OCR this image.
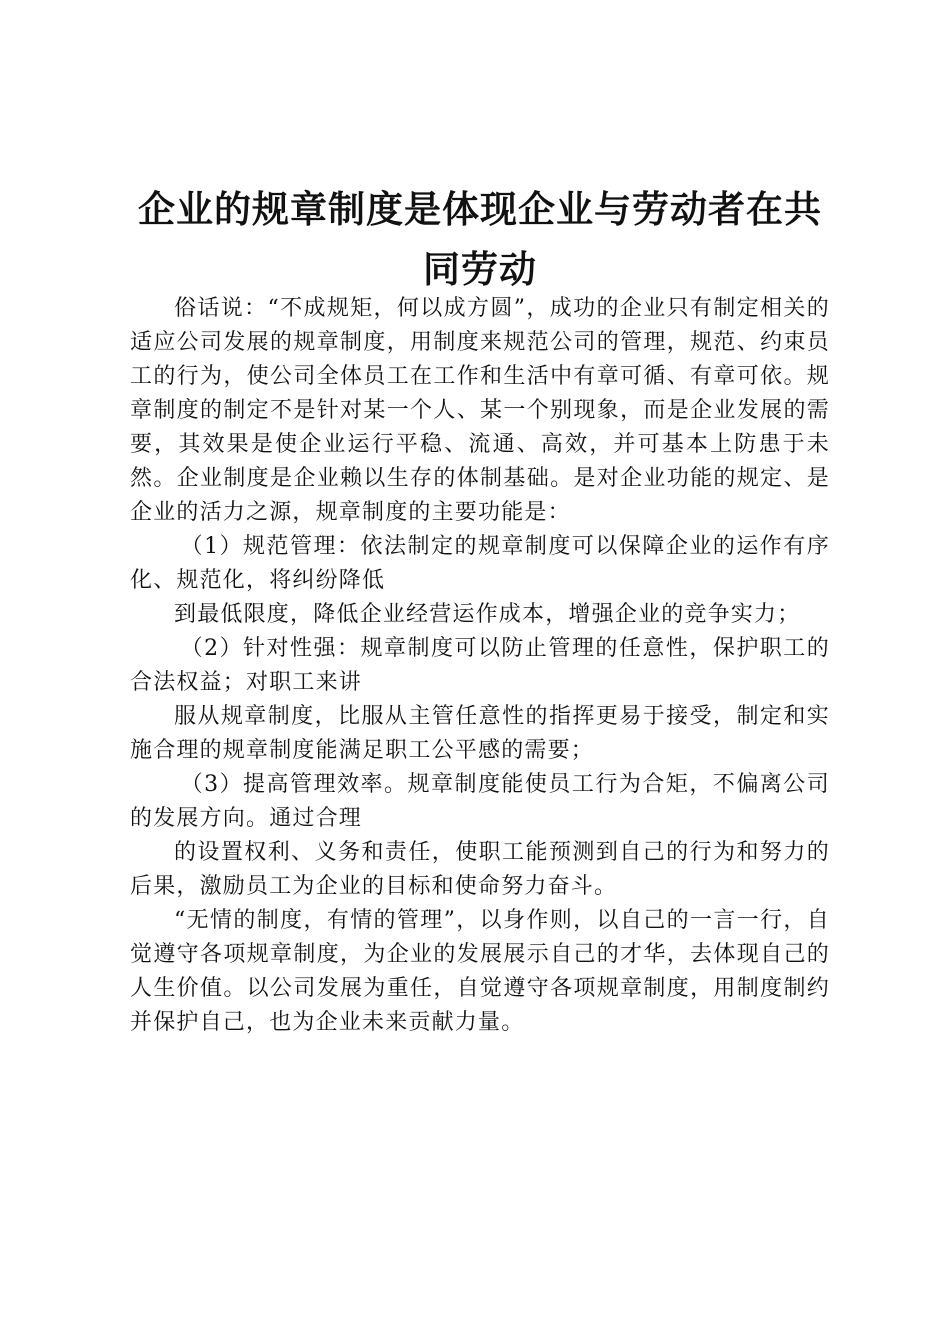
企业的规章制度是体现企业与劳动者在共同劳动

俗话说：“不成规矩，何以成方圆”，成功的企业只有制定相关的适应公司发展的规章制度，用制度来规范公司的管理，规范、约束员工的行为，使公司全体员工在工作和生活中有章可循、有章可依。规章制度的制定不是针对某一个人、某一个别现象，而是企业发展的需要，其效果是使企业运行平稳、流通、高效，并可基本上防患于未然。企业制度是企业赖以生存的体制基础。是对企业功能的规定、是企业的活力之源，规章制度的主要功能是：

（1）规范管理：依法制定的规章制度可以保障企业的运作有序化、规范化，将纠纷降低

到最低限度，降低企业经营运作成本，增强企业的竞争实力；

（2）针对性强：规章制度可以防止管理的任意性，保护职工的合法权益；对职工来讲

服从规章制度，比服从主管任意性的指挥更易于接受，制定和实施合理的规章制度能满足职工公平感的需要；

（3）提高管理效率。规章制度能使员工行为合矩，不偏离公司的发展方向。通过合理

的设置权利、义务和责任，使职工能预测到自己的行为和努力的后果，激励员工为企业的目标和使命努力奋斗。

“无情的制度，有情的管理”，以身作则，以自己的一言一行，自觉遵守各项规章制度，为企业的发展展示自己的才华，去体现自己的人生价值。以公司发展为重任，自觉遵守各项规章制度，用制度制约并保护自己，也为企业未来贡献力量。
